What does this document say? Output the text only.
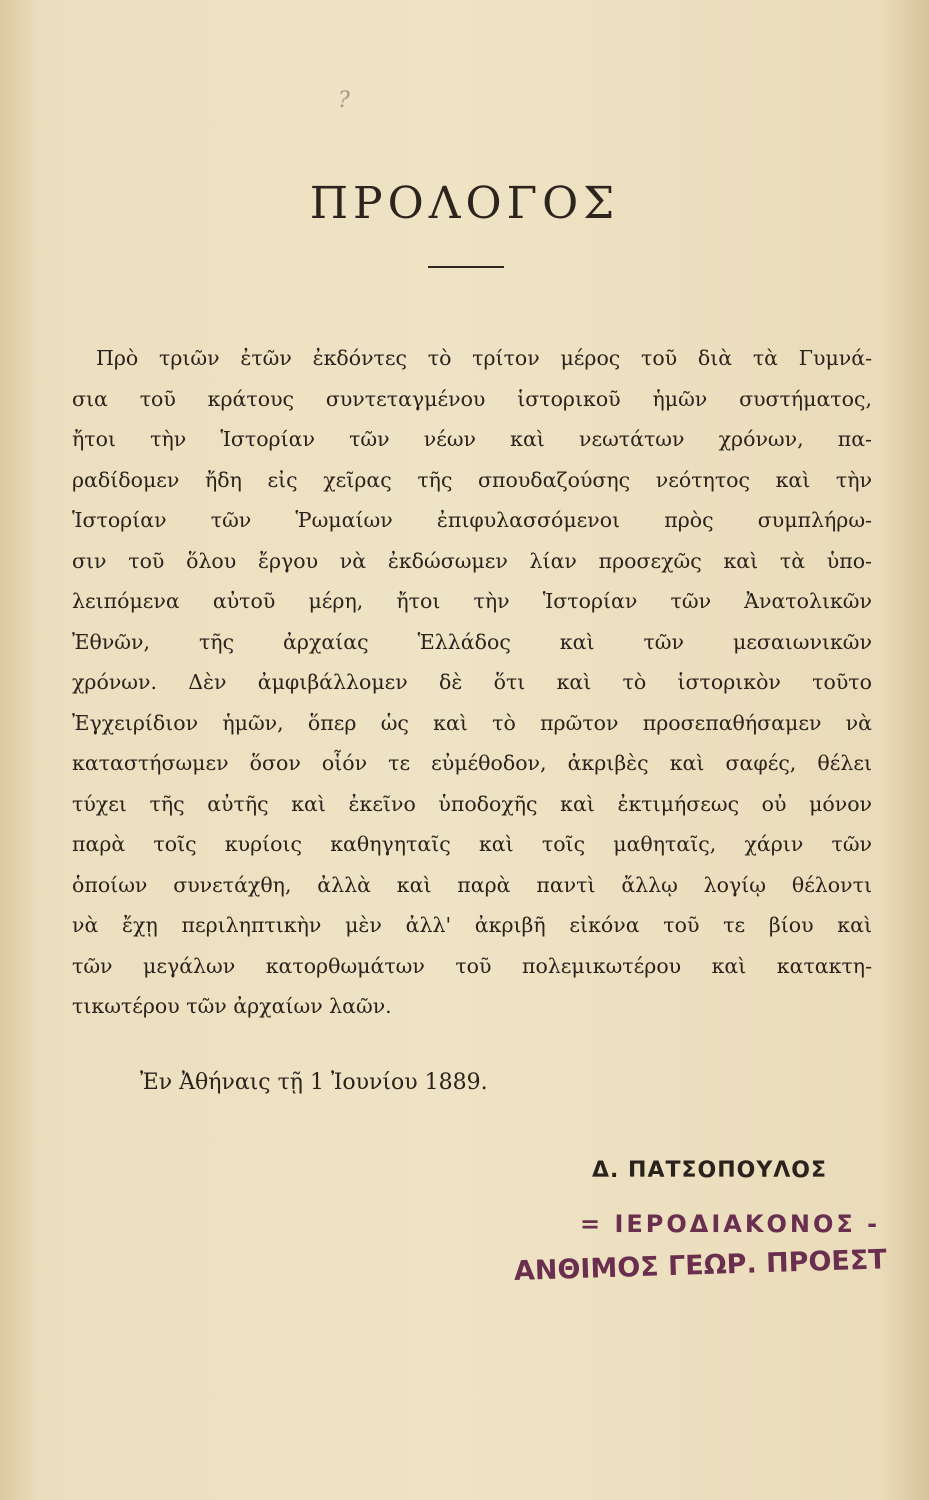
?
ΠΡΟΛΟΓΟΣ
Πρὸ τριῶν ἐτῶν ἐκδόντες τὸ τρίτον μέρος τοῦ διὰ τὰ Γυμνά-
σια τοῦ κράτους συντεταγμένου ἱστορικοῦ ἡμῶν συστήματος,
ἤτοι τὴν Ἱστορίαν τῶν νέων καὶ νεωτάτων χρόνων, πα-
ραδίδομεν ἤδη εἰς χεῖρας τῆς σπουδαζούσης νεότητος καὶ τὴν
Ἱστορίαν τῶν Ῥωμαίων ἐπιφυλασσόμενοι πρὸς συμπλήρω-
σιν τοῦ ὅλου ἔργου νὰ ἐκδώσωμεν λίαν προσεχῶς καὶ τὰ ὑπο-
λειπόμενα αὐτοῦ μέρη, ἤτοι τὴν Ἱστορίαν τῶν Ἀνατολικῶν
Ἐθνῶν, τῆς ἀρχαίας Ἑλλάδος καὶ τῶν μεσαιωνικῶν
χρόνων. Δὲν ἀμφιβάλλομεν δὲ ὅτι καὶ τὸ ἱστορικὸν τοῦτο
Ἐγχειρίδιον ἡμῶν, ὅπερ ὡς καὶ τὸ πρῶτον προσεπαθήσαμεν νὰ
καταστήσωμεν ὅσον οἷόν τε εὐμέθοδον, ἀκριβὲς καὶ σαφές, θέλει
τύχει τῆς αὐτῆς καὶ ἐκεῖνο ὑποδοχῆς καὶ ἐκτιμήσεως οὐ μόνον
παρὰ τοῖς κυρίοις καθηγηταῖς καὶ τοῖς μαθηταῖς, χάριν τῶν
ὁποίων συνετάχθη, ἀλλὰ καὶ παρὰ παντὶ ἄλλῳ λογίῳ θέλοντι
νὰ ἔχῃ περιληπτικὴν μὲν ἀλλ' ἀκριβῆ εἰκόνα τοῦ τε βίου καὶ
τῶν μεγάλων κατορθωμάτων τοῦ πολεμικωτέρου καὶ κατακτη-
τικωτέρου τῶν ἀρχαίων λαῶν.
Ἐν Ἀθήναις τῇ 1 Ἰουνίου 1889.
Δ. ΠΑΤΣΟΠΟΥΛΟΣ
= ΙΕΡΟΔΙΑΚΟΝΟΣ -
ΑΝΘΙΜΟΣ ΓΕΩΡ. ΠΡΟΕΣΤ
